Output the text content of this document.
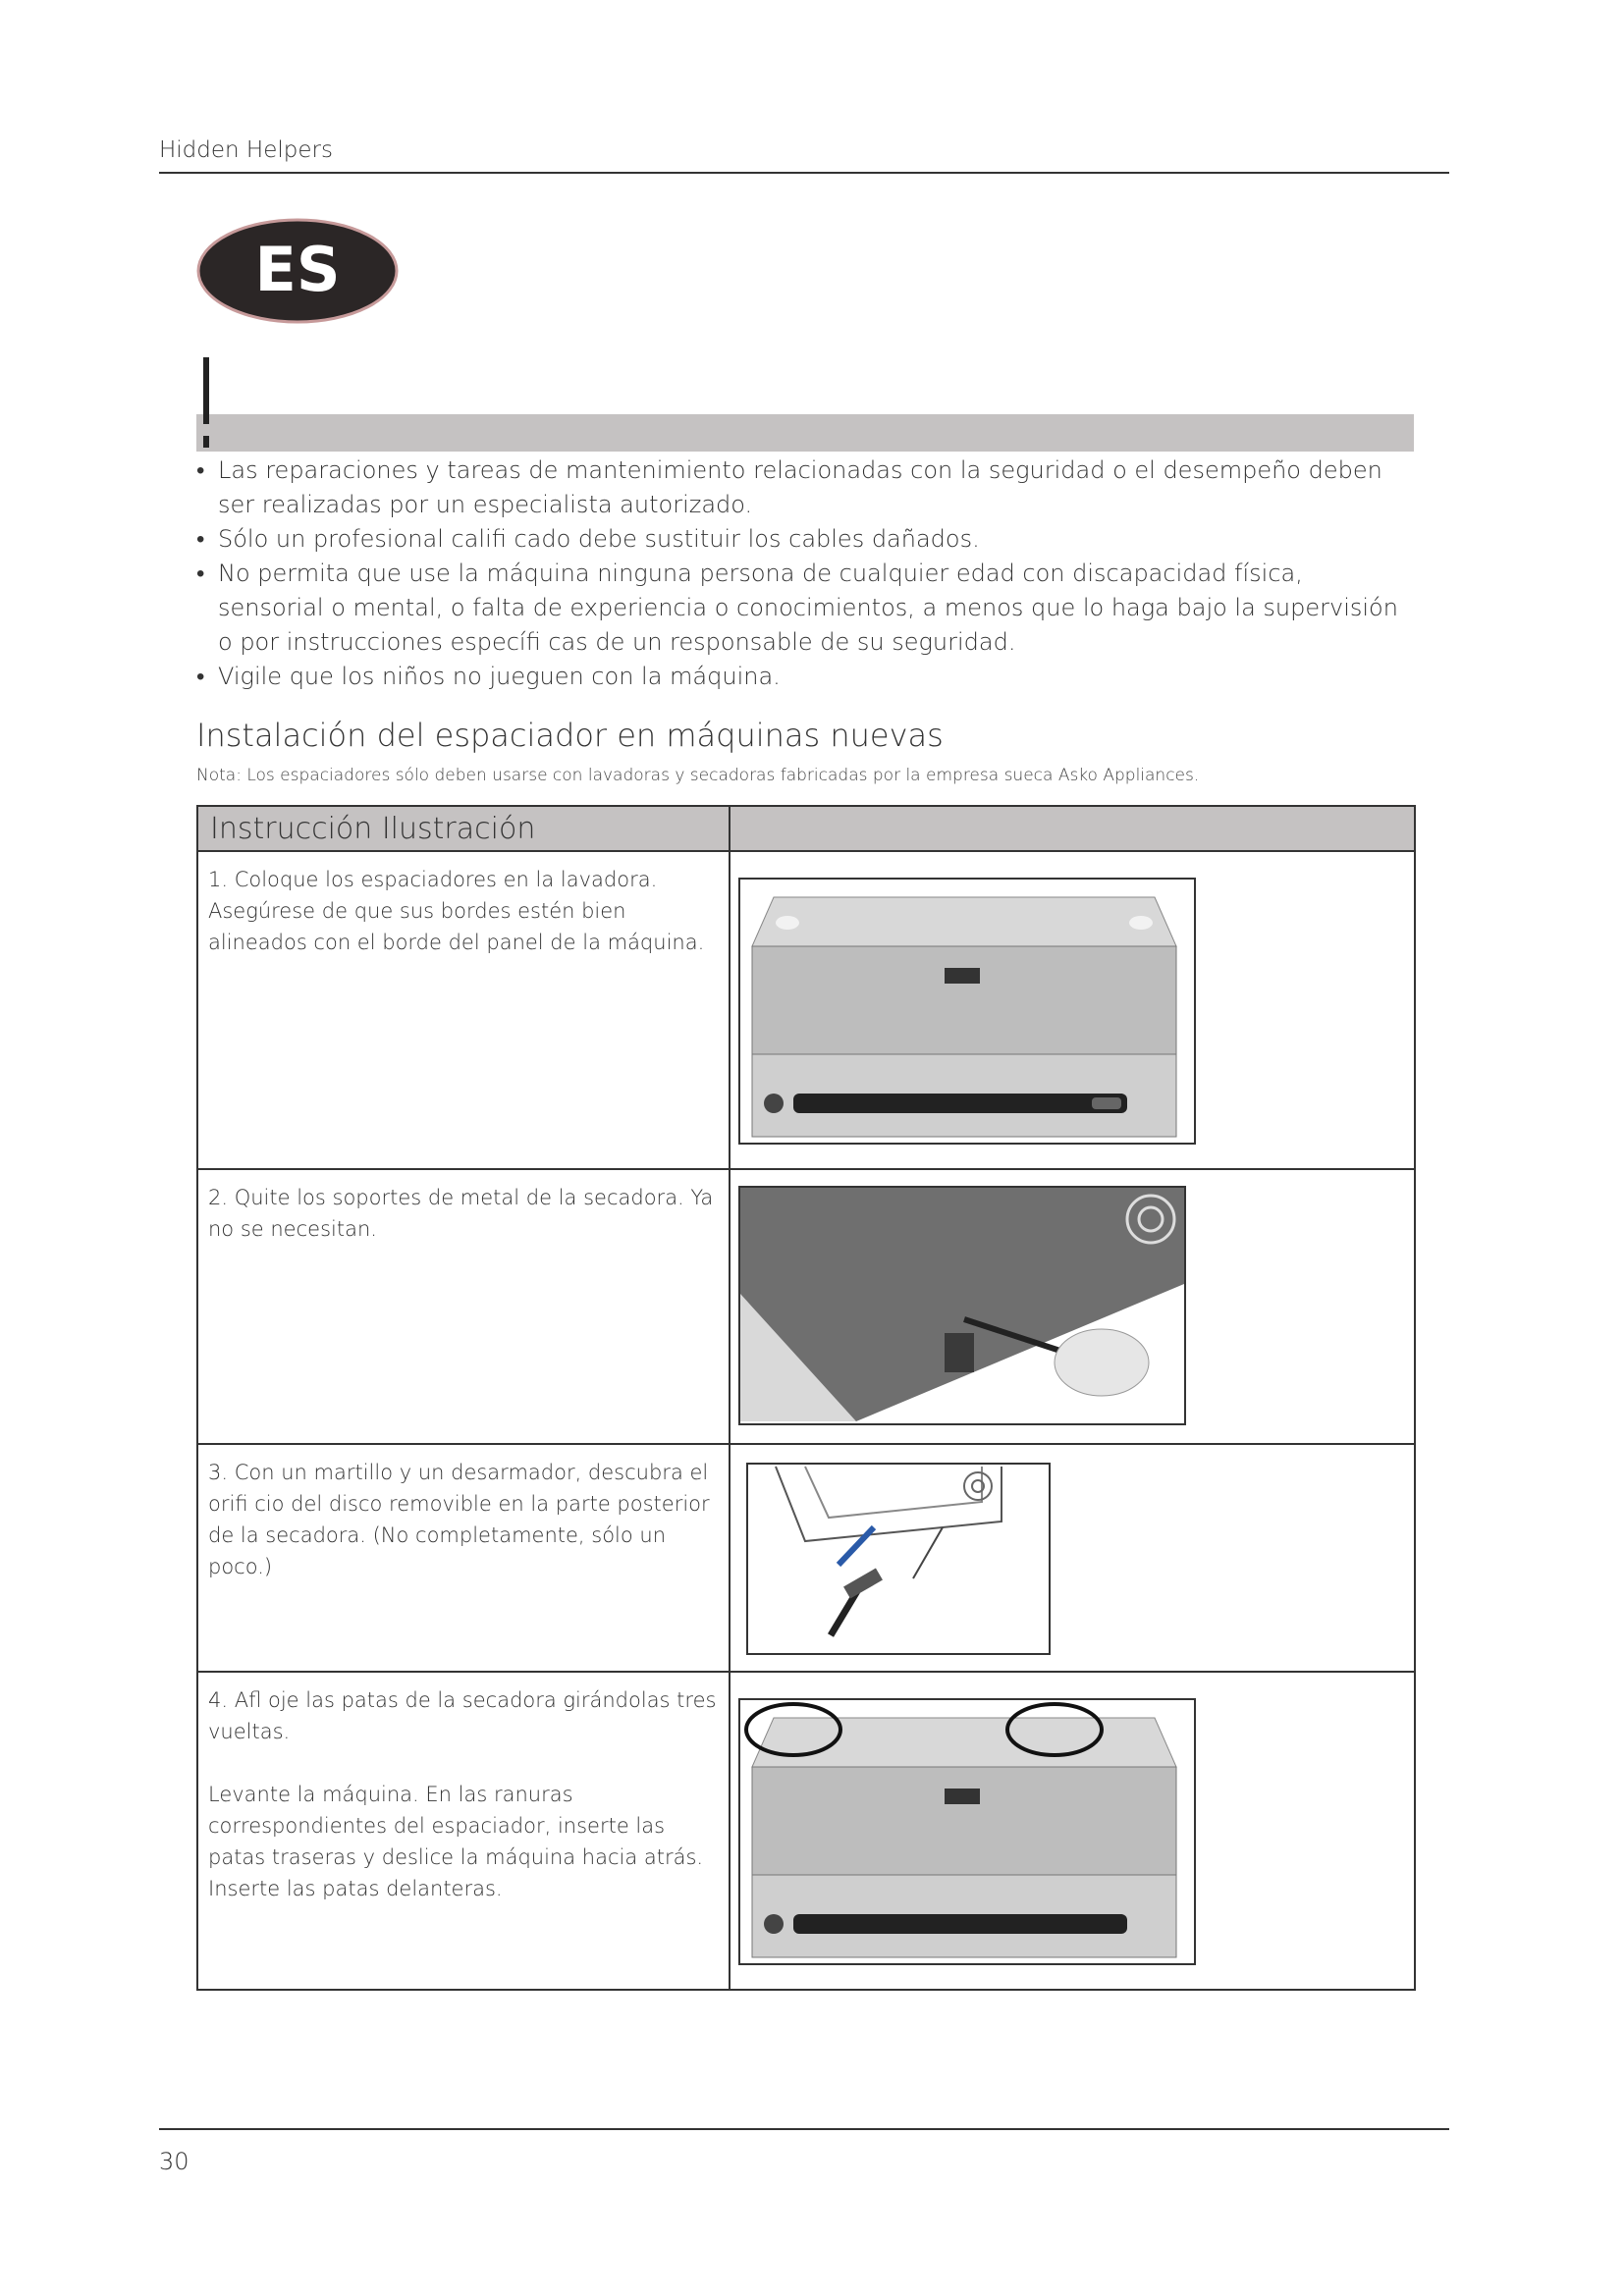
Hidden Helpers
ES
• Las reparaciones y tareas de mantenimiento relacionadas con la seguridad o el desempeño deben ser realizadas por un especialista autorizado.
• Sólo un profesional califi cado debe sustituir los cables dañados.
• No permita que use la máquina ninguna persona de cualquier edad con discapacidad física, sensorial o mental, o falta de experiencia o conocimientos, a menos que lo haga bajo la supervisión o por instrucciones específi cas de un responsable de su seguridad.
• Vigile que los niños no jueguen con la máquina.
Instalación del espaciador en máquinas nuevas
Nota: Los espaciadores sólo deben usarse con lavadoras y secadoras fabricadas por la empresa sueca Asko Appliances.
Instrucción Ilustración	

1. Coloque los espaciadores en la lavadora. Asegúrese de que sus bordes estén bien alineados con el borde del panel de la máquina.

2. Quite los soportes de metal de la secadora. Ya no se necesitan.

3. Con un martillo y un desarmador, descubra el orifi cio del disco removible en la parte posterior de la secadora. (No completamente, sólo un poco.)

4. Afl oje las patas de la secadora girándolas tres vueltas.

Levante la máquina. En las ranuras correspondientes del espaciador, inserte las patas traseras y deslice la máquina hacia atrás. Inserte las patas delanteras.

30
